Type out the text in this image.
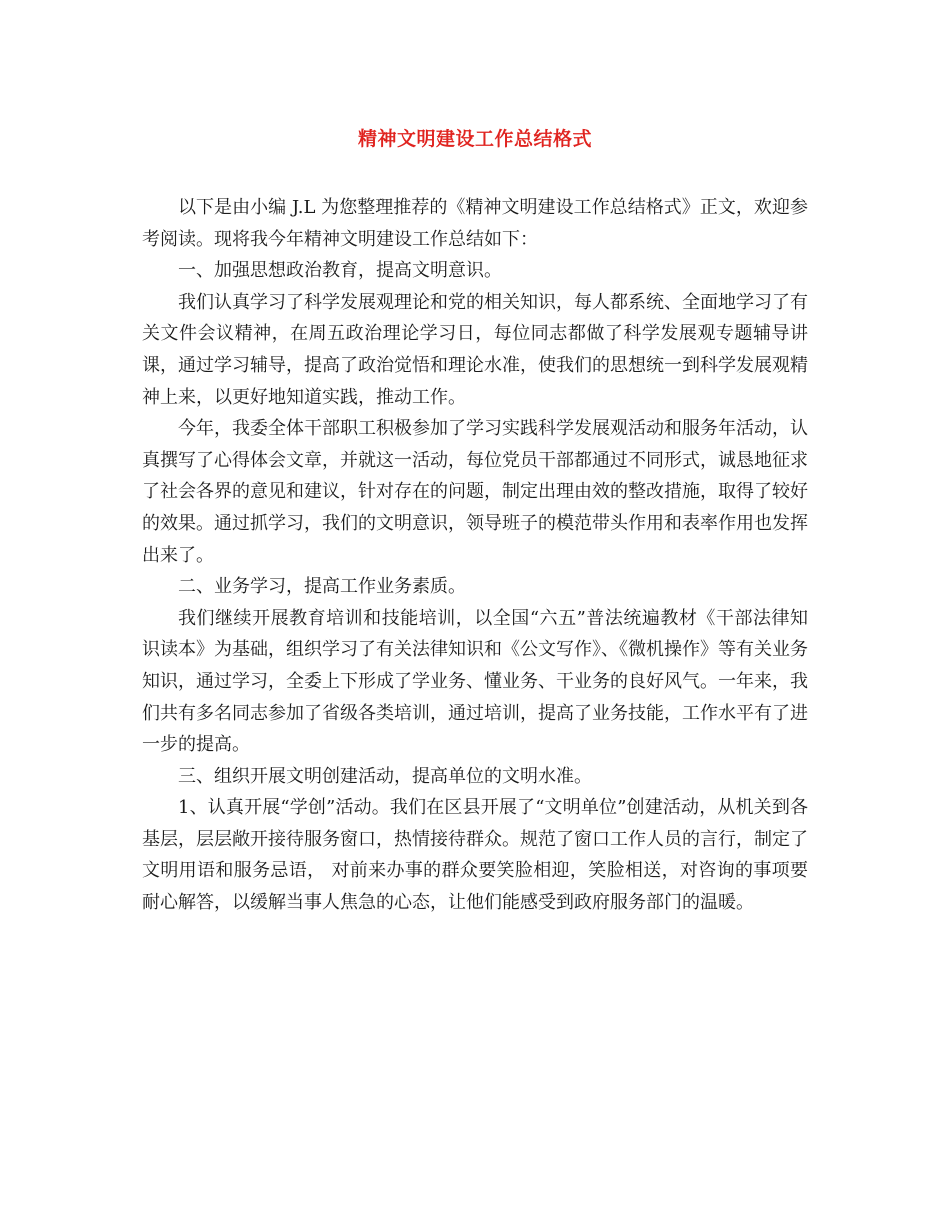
精神文明建设工作总结格式

以下是由小编 J.L 为您整理推荐的《精神文明建设工作总结格式》正文，欢迎参考阅读。现将我今年精神文明建设工作总结如下：

一、加强思想政治教育，提高文明意识。

我们认真学习了科学发展观理论和党的相关知识，每人都系统、全面地学习了有关文件会议精神，在周五政治理论学习日，每位同志都做了科学发展观专题辅导讲课，通过学习辅导，提高了政治觉悟和理论水准，使我们的思想统一到科学发展观精神上来，以更好地知道实践，推动工作。

今年，我委全体干部职工积极参加了学习实践科学发展观活动和服务年活动，认真撰写了心得体会文章，并就这一活动，每位党员干部都通过不同形式，诚恳地征求了社会各界的意见和建议，针对存在的问题，制定出理由效的整改措施，取得了较好的效果。通过抓学习，我们的文明意识，领导班子的模范带头作用和表率作用也发挥出来了。

二、业务学习，提高工作业务素质。

我们继续开展教育培训和技能培训，以全国“六五”普法统遍教材《干部法律知识读本》为基础，组织学习了有关法律知识和《公文写作》、《微机操作》等有关业务知识，通过学习，全委上下形成了学业务、懂业务、干业务的良好风气。一年来，我们共有多名同志参加了省级各类培训，通过培训，提高了业务技能，工作水平有了进一步的提高。

三、组织开展文明创建活动，提高单位的文明水准。

1、认真开展“学创”活动。我们在区县开展了“文明单位”创建活动，从机关到各基层，层层敞开接待服务窗口，热情接待群众。规范了窗口工作人员的言行，制定了文明用语和服务忌语， 对前来办事的群众要笑脸相迎，笑脸相送，对咨询的事项要耐心解答，以缓解当事人焦急的心态，让他们能感受到政府服务部门的温暖。
